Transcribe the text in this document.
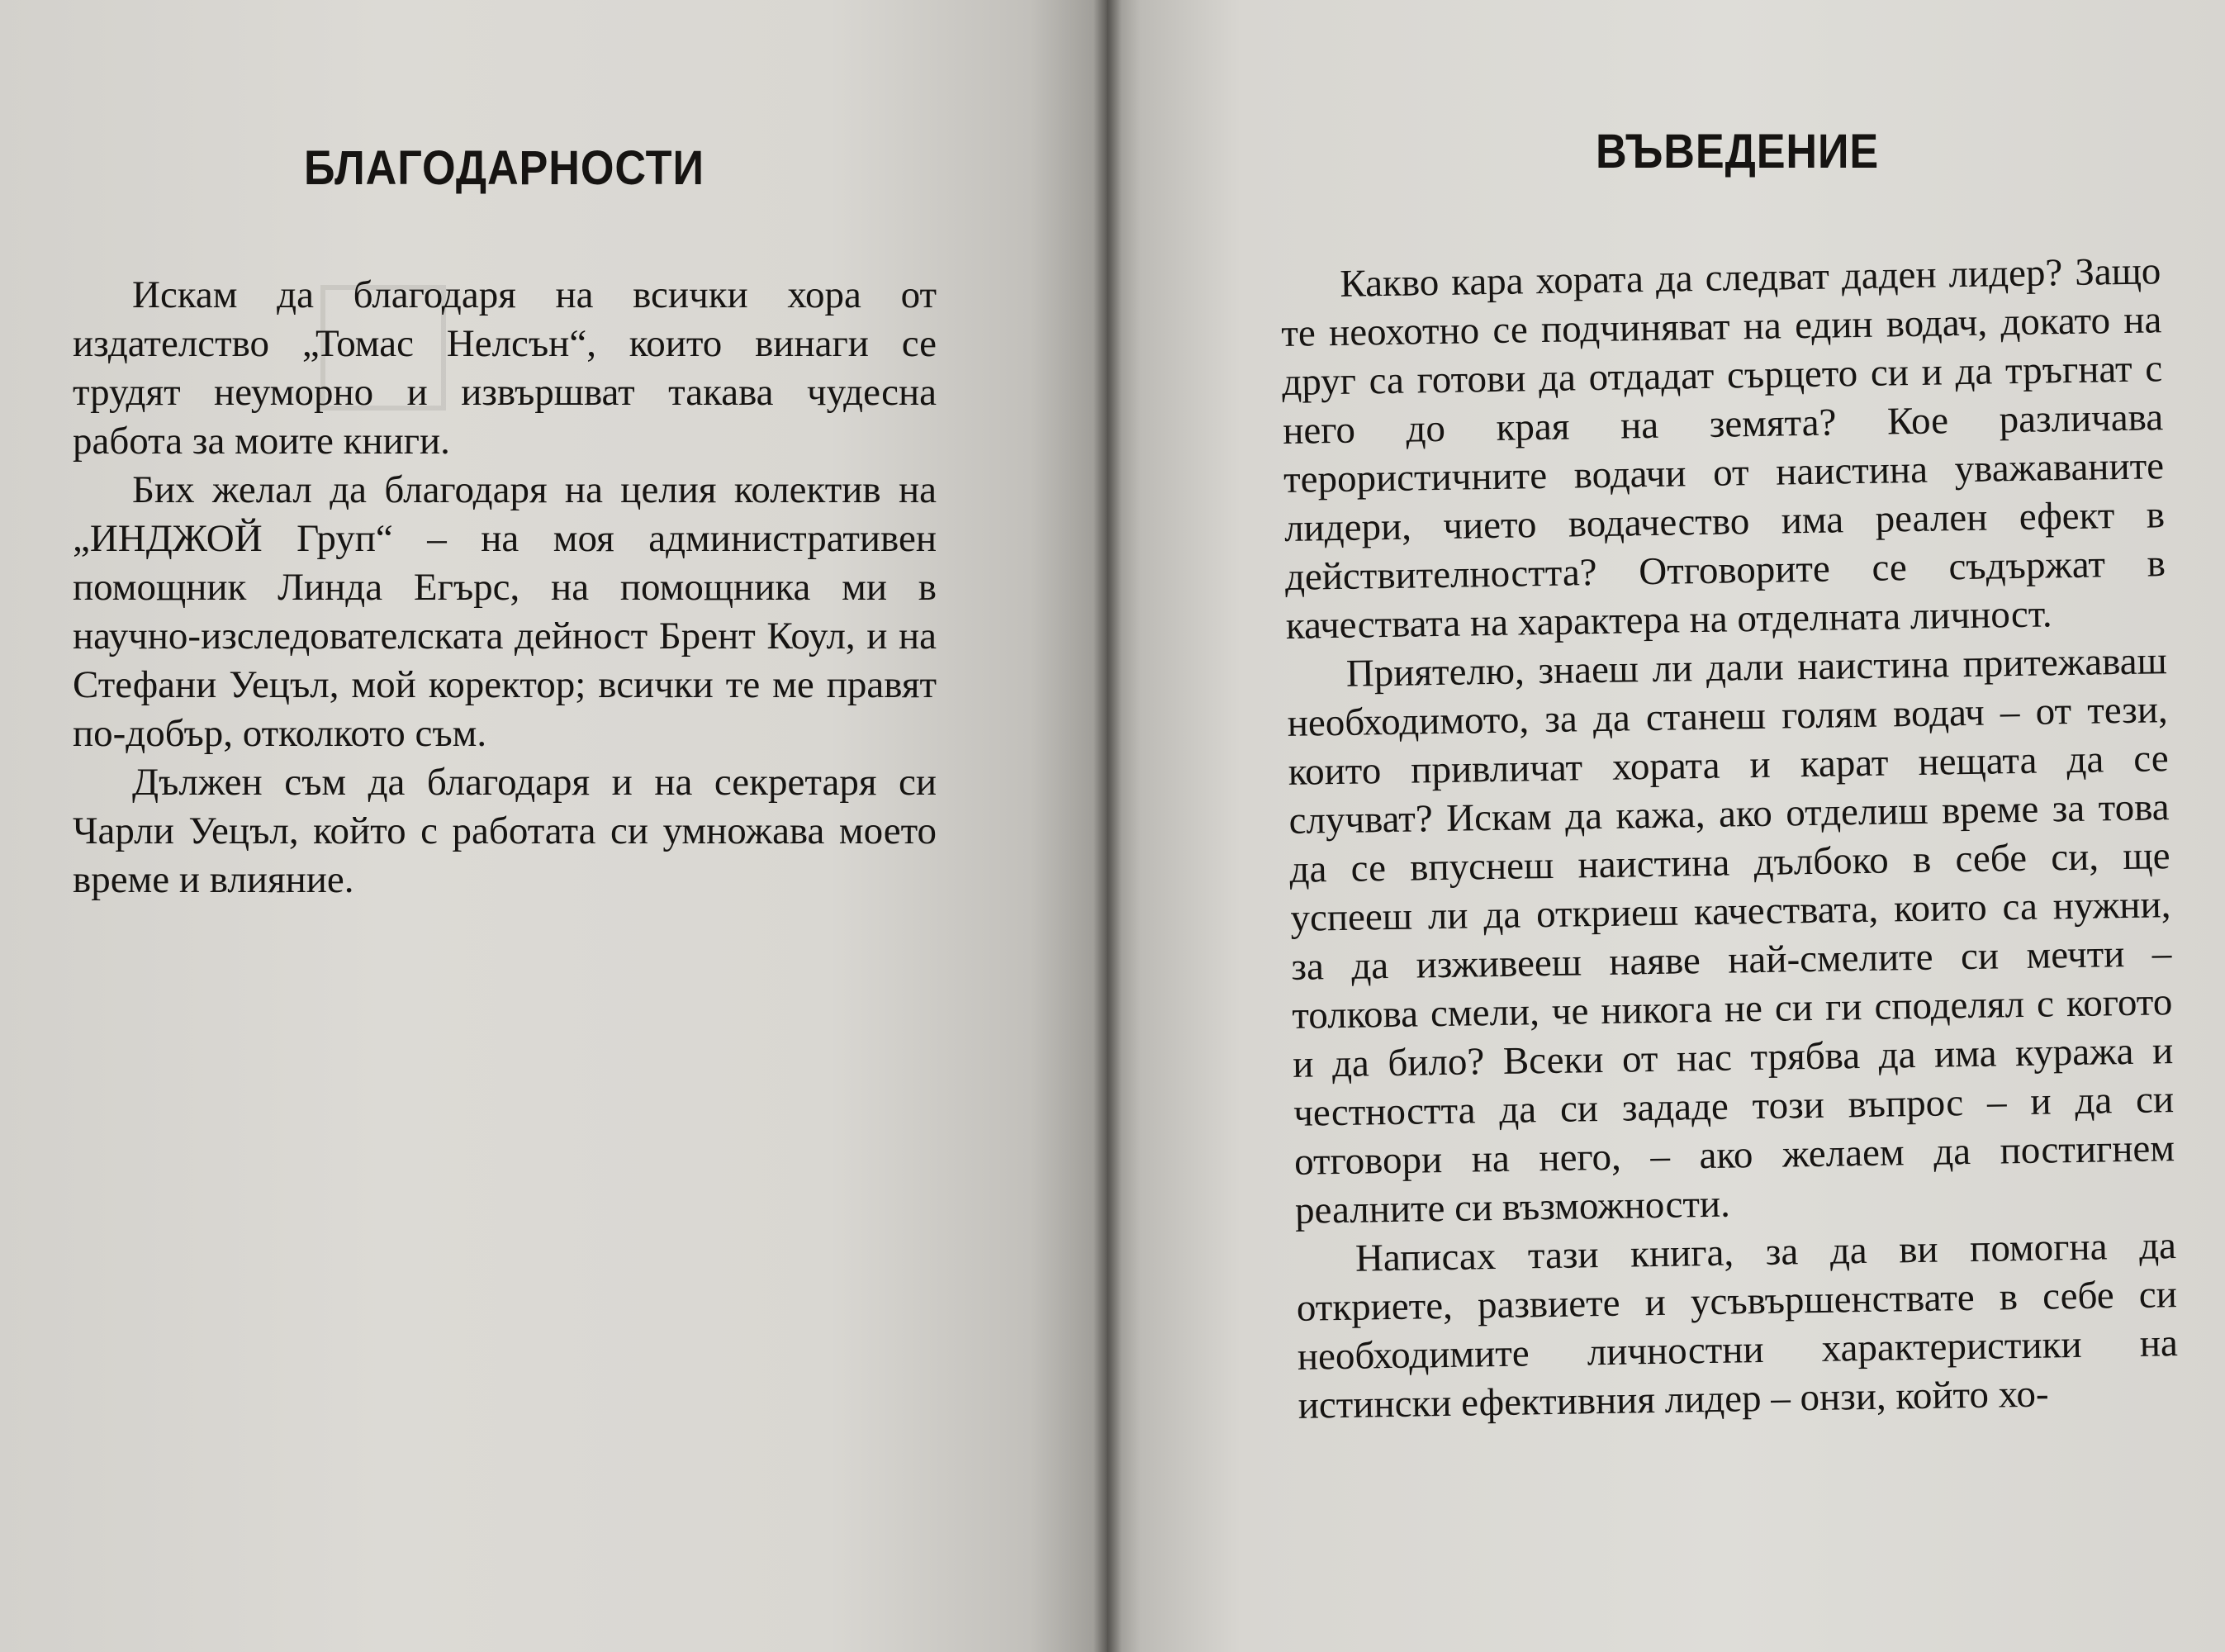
БЛАГОДАРНОСТИ

Искам да благодаря на всички хора от издателство „Томас Нелсън“, които винаги се трудят неуморно и извършват такава чудесна работа за моите книги.

Бих желал да благодаря на целия колектив на „ИНДЖОЙ Груп“ – на моя административен помощник Линда Егърс, на помощника ми в научно-изследователската дейност Брент Коул, и на Стефани Уецъл, мой коректор; всички те ме правят по-добър, отколкото съм.

Дължен съм да благодаря и на секретаря си Чарли Уецъл, който с работата си умножава моето време и влияние.

ВЪВЕДЕНИЕ

Какво кара хората да следват даден лидер? Защо те неохотно се подчиняват на един водач, докато на друг са готови да отдадат сърцето си и да тръгнат с него до края на земята? Кое различава терористичните водачи от наистина уважаваните лидери, чието водачество има реален ефект в действителността? Отговорите се съдържат в качествата на характера на отделната личност.

Приятелю, знаеш ли дали наистина притежаваш необходимото, за да станеш голям водач – от тези, които привличат хората и карат нещата да се случват? Искам да кажа, ако отделиш време за това да се впуснеш наистина дълбоко в себе си, ще успееш ли да откриеш качествата, които са нужни, за да изживееш наяве най-смелите си мечти – толкова смели, че никога не си ги споделял с когото и да било? Всеки от нас трябва да има куража и честността да си зададе този въпрос – и да си отговори на него, – ако желаем да постигнем реалните си възможности.

Написах тази книга, за да ви помогна да откриете, развиете и усъвършенствате в себе си необходимите личностни характеристики на истински ефективния лидер – онзи, който хо-
